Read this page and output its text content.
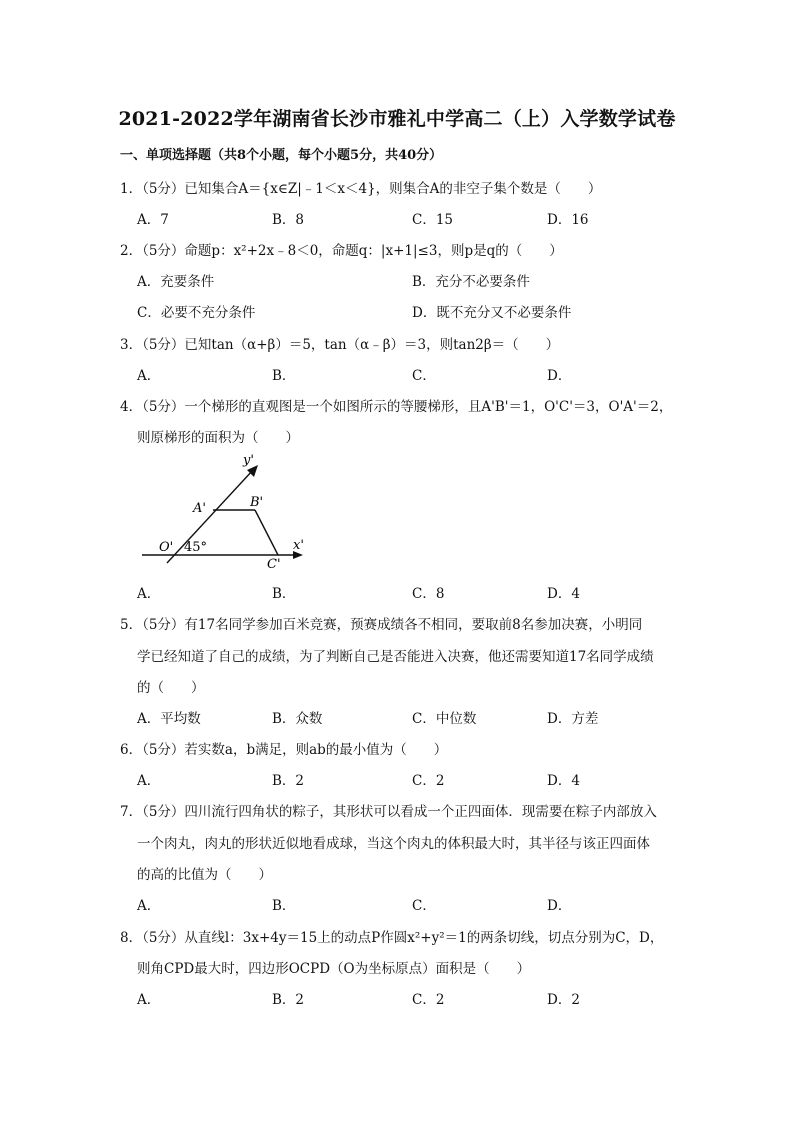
2021-2022学年湖南省长沙市雅礼中学高二（上）入学数学试卷
一、单项选择题（共8个小题，每个小题5分，共40分）
1．（5分）已知集合A＝{x∈Z|﹣1＜x＜4}，则集合A的非空子集个数是（　　）
A．7	B．8	C．15	D．16
2．（5分）命题p：x²+2x﹣8＜0，命题q：|x+1|≤3，则p是q的（　　）
A．充要条件	B．充分不必要条件
C．必要不充分条件	D．既不充分又不必要条件
3．（5分）已知tan（α+β）＝5，tan（α﹣β）＝3，则tan2β＝（　　）
A．	B．	C．	D．
4．（5分）一个梯形的直观图是一个如图所示的等腰梯形，且A'B'＝1，O'C'＝3，O'A'＝2，
则原梯形的面积为（　　）
y'
A'	B'
O' 45°	x'
C'
A．	B．	C．8	D．4
5．（5分）有17名同学参加百米竞赛，预赛成绩各不相同，要取前8名参加决赛，小明同
学已经知道了自己的成绩，为了判断自己是否能进入决赛，他还需要知道17名同学成绩
的（　　）
A．平均数	B．众数	C．中位数	D．方差
6．（5分）若实数a，b满足，则ab的最小值为（　　）
A．	B．2	C．2	D．4
7．（5分）四川流行四角状的粽子，其形状可以看成一个正四面体．现需要在粽子内部放入
一个肉丸，肉丸的形状近似地看成球，当这个肉丸的体积最大时，其半径与该正四面体
的高的比值为（　　）
A．	B．	C．	D．
8．（5分）从直线l：3x+4y＝15上的动点P作圆x²+y²＝1的两条切线，切点分别为C，D，
则角CPD最大时，四边形OCPD（O为坐标原点）面积是（　　）
A．	B．2	C．2	D．2
